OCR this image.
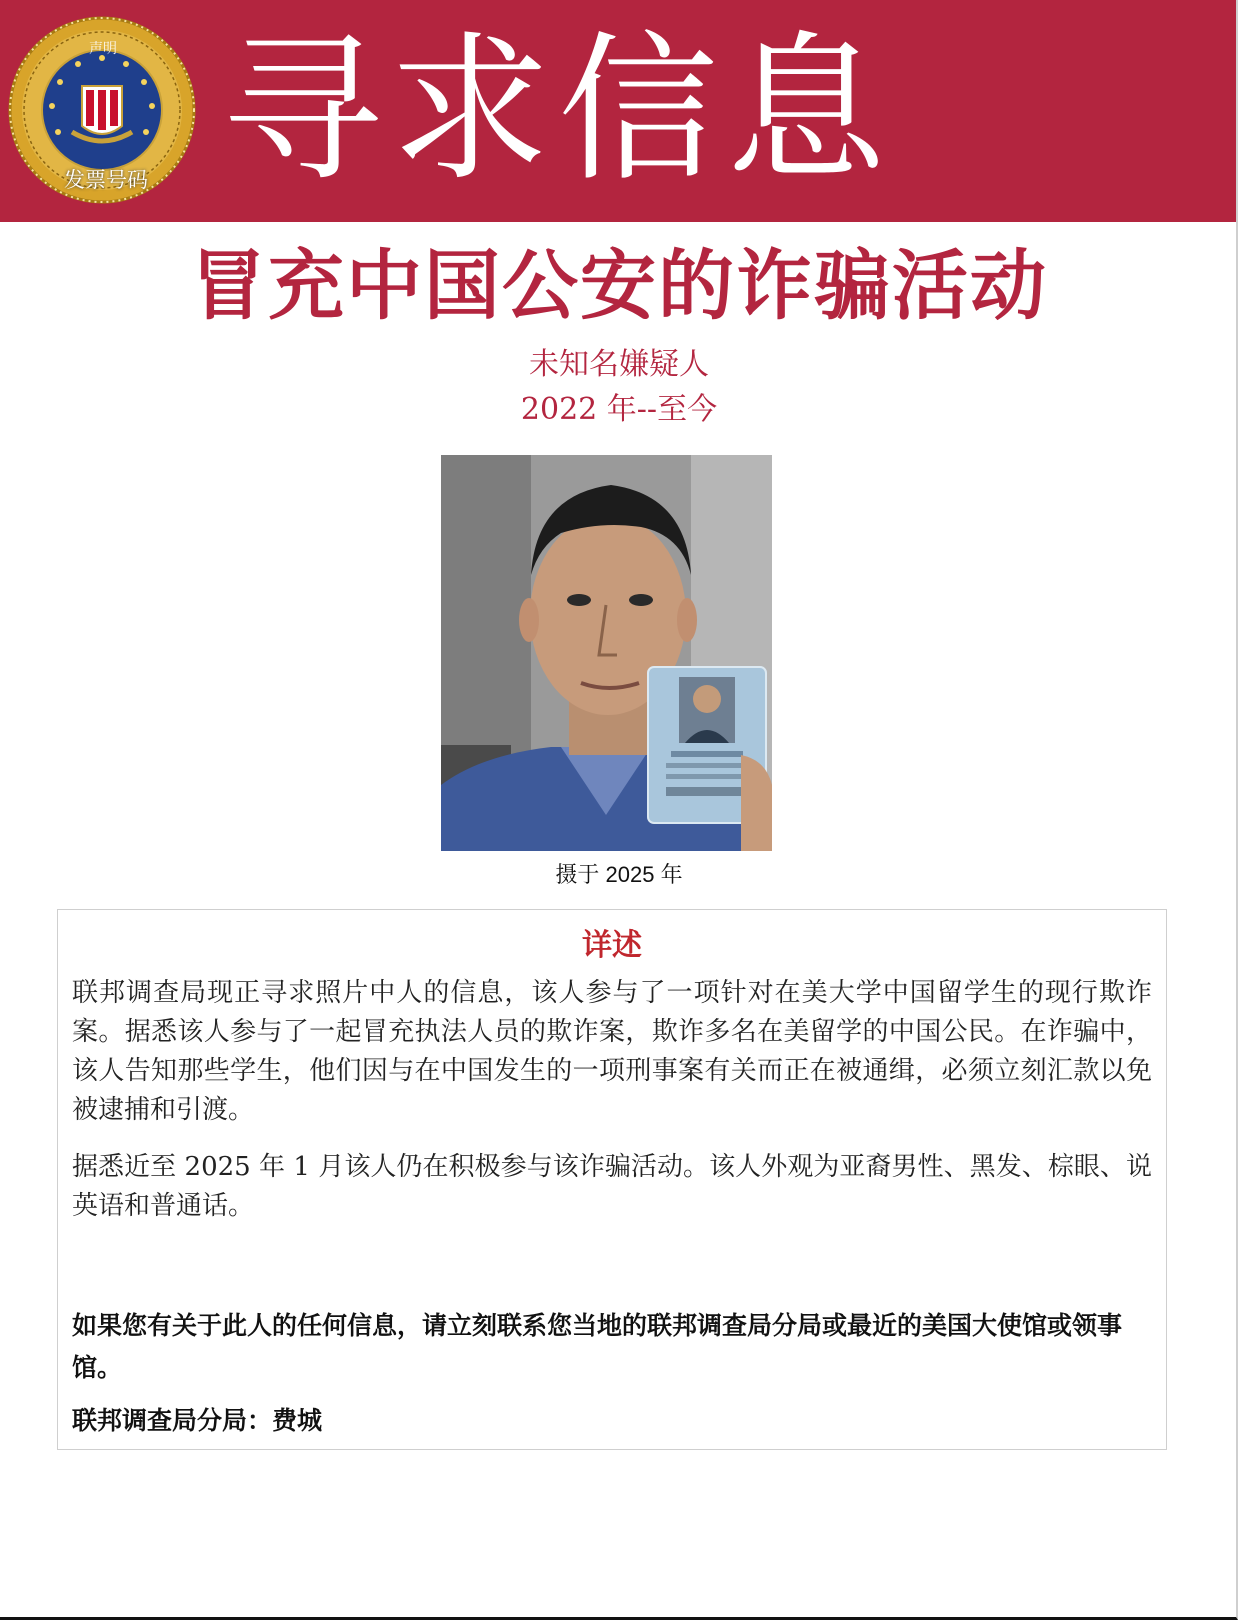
声明
发票号码 寻求信息
冒充中国公安的诈骗活动
未知名嫌疑人
2022 年--至今
摄于 2025 年
详述
联邦调查局现正寻求照片中人的信息，该人参与了一项针对在美大学中国留学生的现行欺诈案。据悉该人参与了一起冒充执法人员的欺诈案，欺诈多名在美留学的中国公民。在诈骗中，该人告知那些学生，他们因与在中国发生的一项刑事案有关而正在被通缉，必须立刻汇款以免被逮捕和引渡。
据悉近至 2025 年 1 月该人仍在积极参与该诈骗活动。该人外观为亚裔男性、黑发、棕眼、说英语和普通话。
如果您有关于此人的任何信息，请立刻联系您当地的联邦调查局分局或最近的美国大使馆或领事馆。
联邦调查局分局：费城
